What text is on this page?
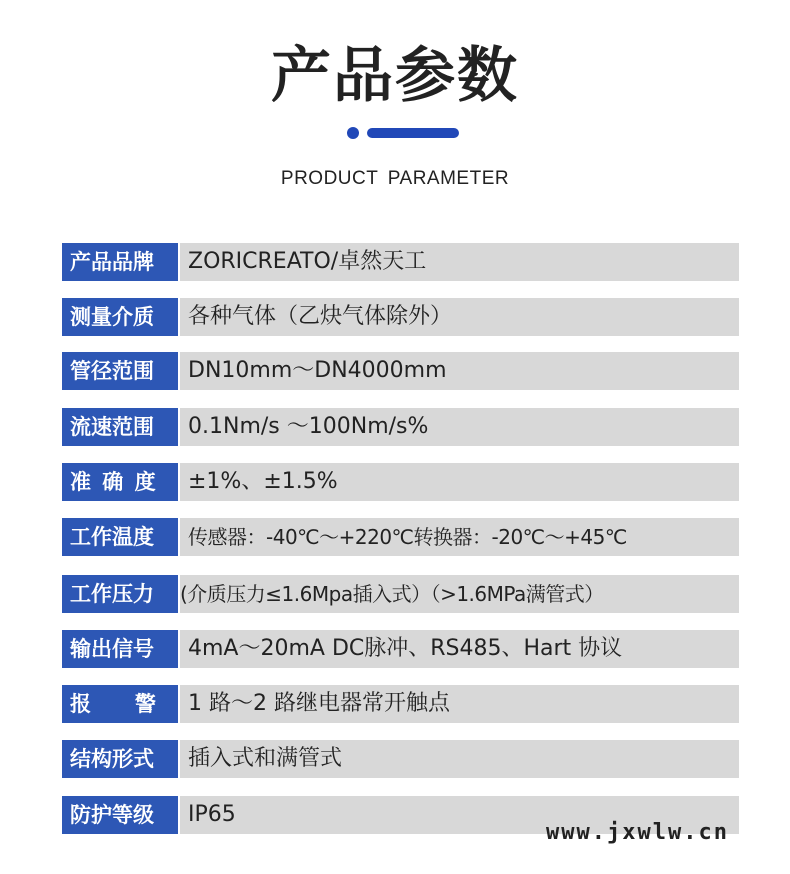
产品参数
PRODUCT PARAMETER
产品品牌	ZORICREATO/卓然天工
测量介质	各种气体（乙炔气体除外）
管径范围	DN10mm～DN4000mm
流速范围	0.1Nm/s ～100Nm/s%
准 确 度	±1%、±1.5%
工作温度	传感器：-40℃～+220℃转换器：-20℃～+45℃
工作压力	(介质压力≤1.6Mpa插入式）（>1.6MPa满管式）
输出信号	4mA～20mA DC脉冲、RS485、Hart 协议
报      警	1 路～2 路继电器常开触点
结构形式	插入式和满管式
防护等级	IP65
www.jxwlw.cn
